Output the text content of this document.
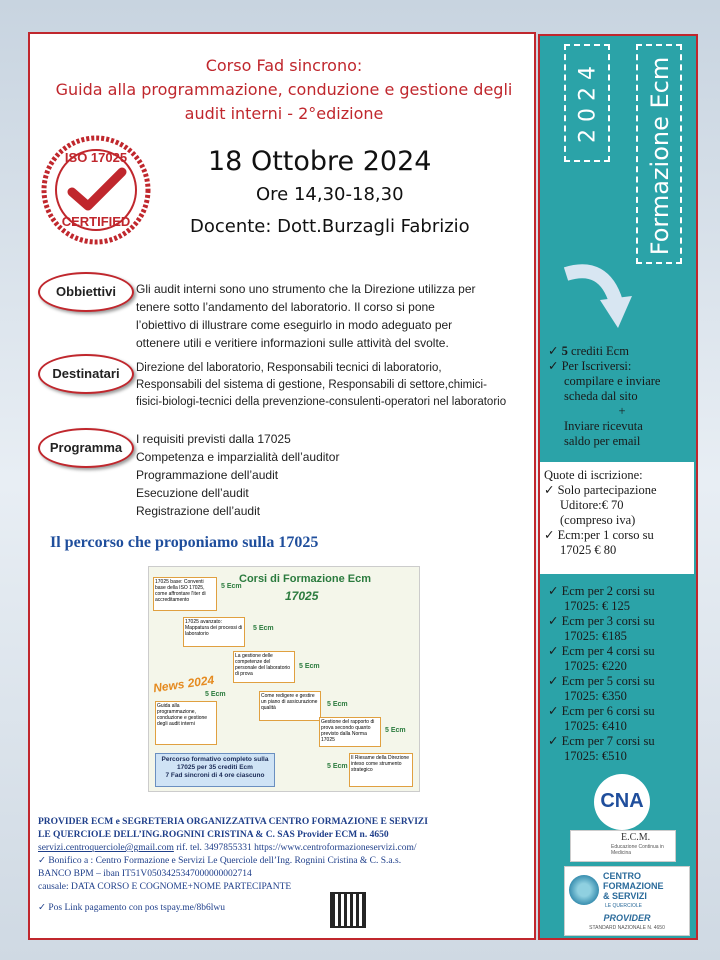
Corso Fad sincrono:
Guida alla programmazione, conduzione e gestione degli
audit interni - 2°edizione
ISO 17025
CERTIFIED
18 Ottobre 2024
Ore 14,30-18,30
Docente: Dott.Burzagli Fabrizio
Obbiettivi	Gli audit interni sono uno strumento che la Direzione utilizza per
tenere sotto l’andamento del laboratorio. Il corso si pone
l’obiettivo di illustrare come eseguirlo in modo adeguato per
ottenere utili e veritiere informazioni sulle attività del svolte.
Destinatari	Direzione del laboratorio, Responsabili tecnici di laboratorio,
Responsabili del sistema di gestione, Responsabili di settore,chimici-
fisici-biologi-tecnici della prevenzione-consulenti-operatori nel laboratorio
Programma
I requisiti previsti dalla 17025
Competenza e imparzialità dell’auditor
Programmazione dell’audit
Esecuzione dell’audit
Registrazione dell’audit
Il percorso che proponiamo sulla 17025
Corsi di Formazione Ecm
17025
News 2024
17025 base: Conventi base della ISO 17025, come affrontare l'iter di accreditamento
5 Ecm
17025 avanzato: Mappatura dei processi di laboratorio
5 Ecm
La gestione delle competenze del personale del laboratorio di prova
5 Ecm
Come redigere e gestire un piano di assicurazione qualità	5 Ecm
Gestione del rapporto di prova secondo quanto previsto dalla Norma 17025
5 Ecm
Il Riesame della Direzione inteso come strumento strategico
5 Ecm
Guida alla programmazione, conduzione e gestione degli audit interni
5 Ecm
Percorso formativo completo sulla
17025 per 35 crediti Ecm
7 Fad sincroni di 4 ore ciascuno
PROVIDER ECM e SEGRETERIA ORGANIZZATIVA CENTRO FORMAZIONE E SERVIZI
LE QUERCIOLE DELL’ING.ROGNINI CRISTINA & C. SAS Provider ECM n. 4650
servizi.centroquerciole@gmail.com rif. tel. 3497855331 https://www.centroformazioneservizi.com/
✓ Bonifico a : Centro Formazione e Servizi Le Querciole dell’Ing. Rognini Cristina & C. S.a.s.
BANCO BPM – iban IT51V0503425347000000002714
causale: DATA CORSO E COGNOME+NOME PARTECIPANTE
✓ Pos Link pagamento con pos tspay.me/8b6lwu
2 0 2 4 Formazione Ecm
✓ 5 crediti Ecm
✓ Per Iscriversi:
compilare e inviare
scheda dal sito
+
Inviare ricevuta
saldo per email
✓ Ecm per 2 corsi su
17025: € 125
✓ Ecm per 3 corsi su
17025: €185
✓ Ecm per 4 corsi su
17025: €220
✓ Ecm per 5 corsi su
17025: €350
✓ Ecm per 6 corsi su
17025: €410
✓ Ecm per 7 corsi su
17025: €510
CNA
E.C.M.
Educazione Continua in Medicina
CENTRO
FORMAZIONE
& SERVIZI
LE QUERCIOLE
PROVIDER
STANDARD NAZIONALE N. 4650
Quote di iscrizione:
✓ Solo partecipazione
Uditore:€ 70
(compreso iva)
✓ Ecm:per 1 corso su
17025 € 80
